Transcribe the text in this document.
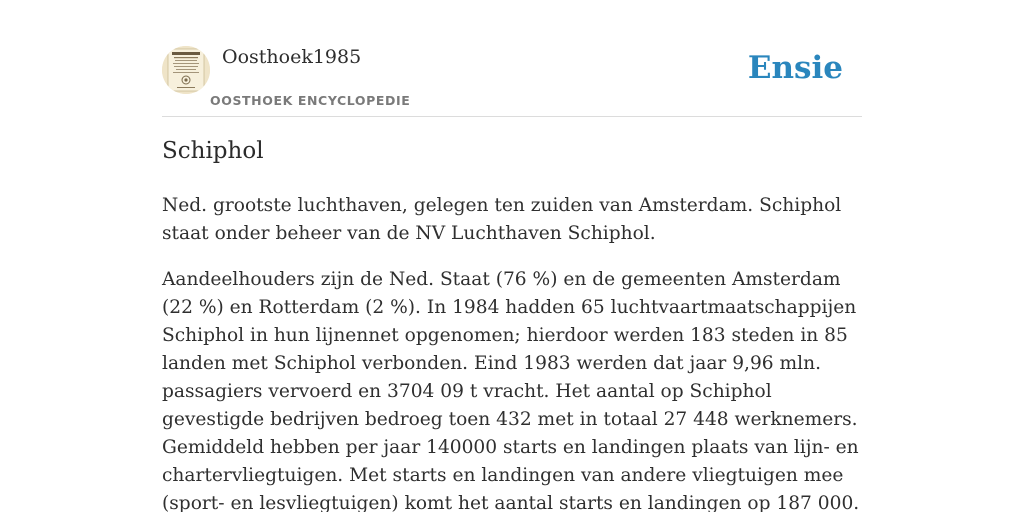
Oosthoek1985
OOSTHOEK ENCYCLOPEDIE
Ensie
Schiphol

Ned. grootste luchthaven, gelegen ten zuiden van Amsterdam. Schiphol staat onder beheer van de NV Luchthaven Schiphol.

Aandeelhouders zijn de Ned. Staat (76 %) en de gemeenten Amsterdam (22 %) en Rotterdam (2 %). In 1984 hadden 65 luchtvaartmaatschappijen Schiphol in hun lijnennet opgenomen; hierdoor werden 183 steden in 85 landen met Schiphol verbonden. Eind 1983 werden dat jaar 9,96 mln. passagiers vervoerd en 3704 09 t vracht. Het aantal op Schiphol gevestigde bedrijven bedroeg toen 432 met in totaal 27 448 werknemers. Gemiddeld hebben per jaar 140000 starts en landingen plaats van lijn- en chartervliegtuigen. Met starts en landingen van andere vliegtuigen mee (sport- en lesvliegtuigen) komt het aantal starts en landingen op 187 000.
